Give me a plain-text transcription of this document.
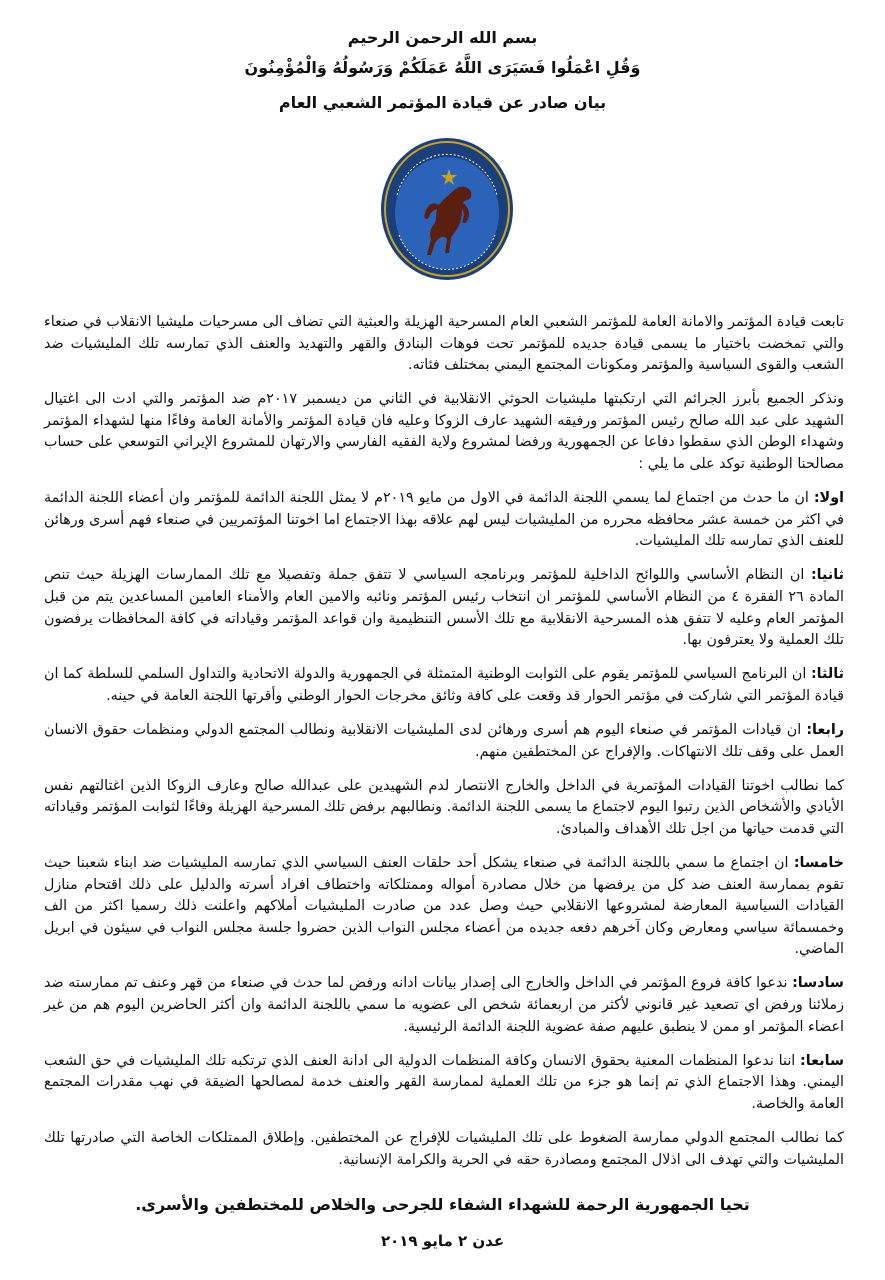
بسم الله الرحمن الرحيم
وَقُلِ اعْمَلُوا فَسَيَرَى اللَّهُ عَمَلَكُمْ وَرَسُولُهُ وَالْمُؤْمِنُونَ
بيان صادر عن قيادة المؤتمر الشعبي العام

تابعت قيادة المؤتمر والامانة العامة للمؤتمر الشعبي العام المسرحية الهزيلة والعبثية التي تضاف الى مسرحيات مليشيا الانقلاب في صنعاء والتي تمخضت باختيار ما يسمى قيادة جديده للمؤتمر تحت فوهات البنادق والقهر والتهديد والعنف الذي تمارسه تلك المليشيات ضد الشعب والقوى السياسية والمؤتمر ومكونات المجتمع اليمني بمختلف فئاته.

ونذكر الجميع بأبرز الجرائم التي ارتكبتها مليشيات الحوثي الانقلابية في الثاني من ديسمبر ٢٠١٧م ضد المؤتمر والتي ادت الى اغتيال الشهيد على عبد الله صالح رئيس المؤتمر ورفيقه الشهيد عارف الزوكا وعليه فان قيادة المؤتمر والأمانة العامة وفاءًا منها لشهداء المؤتمر وشهداء الوطن الذي سقطوا دفاعا عن الجمهورية ورفضا لمشروع ولاية الفقيه الفارسي والارتهان للمشروع الإيراني التوسعي على حساب مصالحنا الوطنية توكد على ما يلي :

اولا: ان ما حدث من اجتماع لما يسمي اللجنة الدائمة في الاول من مايو ٢٠١٩م لا يمثل اللجنة الدائمة للمؤتمر وان أعضاء اللجنة الدائمة في اكثر من خمسة عشر محافظه محرره من المليشيات ليس لهم علاقه بهذا الاجتماع اما اخوتنا المؤتمريين في صنعاء فهم أسرى ورهائن للعنف الذي تمارسه تلك المليشيات.

ثانيا: ان النظام الأساسي واللوائح الداخلية للمؤتمر وبرنامجه السياسي لا تتفق جملة وتفصيلا مع تلك الممارسات الهزيلة حيث تنص المادة ٢٦ الفقرة ٤ من النظام الأساسي للمؤتمر ان انتخاب رئيس المؤتمر ونائبه والامين العام والأمناء العامين المساعدين يتم من قبل المؤتمر العام وعليه لا تتفق هذه المسرحية الانقلابية مع تلك الأسس التنظيمية وان قواعد المؤتمر وقياداته في كافة المحافظات يرفضون تلك العملية ولا يعترفون بها.

ثالثا: ان البرنامج السياسي للمؤتمر يقوم على الثوابت الوطنية المتمثلة في الجمهورية والدولة الاتحادية والتداول السلمي للسلطة كما ان قيادة المؤتمر التي شاركت في مؤتمر الحوار قد وقعت على كافة وثائق مخرجات الحوار الوطني وأقرتها اللجنة العامة في حينه.

رابعا: ان قيادات المؤتمر في صنعاء اليوم هم أسرى ورهائن لدى المليشيات الانقلابية ونطالب المجتمع الدولي ومنظمات حقوق الانسان العمل على وقف تلك الانتهاكات. والإفراج عن المختطفين منهم.

كما نطالب اخوتنا القيادات المؤتمرية في الداخل والخارج الانتصار لدم الشهيدين على عبدالله صالح وعارف الزوكا الذين اغتالتهم نفس الأيادي والأشخاص الذين رتبوا اليوم لاجتماع ما يسمى اللجنة الدائمة. ونطالبهم برفض تلك المسرحية الهزيلة وفاءًا لثوابت المؤتمر وقياداته التي قدمت حياتها من اجل تلك الأهداف والمبادئ.

خامسا: ان اجتماع ما سمي باللجنة الدائمة في صنعاء يشكل أحد حلقات العنف السياسي الذي تمارسه المليشيات ضد ابناء شعبنا حيث تقوم بممارسة العنف ضد كل من يرفضها من خلال مصادرة أمواله وممتلكاته واختطاف افراد أسرته والدليل على ذلك اقتحام منازل القيادات السياسية المعارضة لمشروعها الانقلابي حيث وصل عدد من صادرت المليشيات أملاكهم واعلنت ذلك رسميا اكثر من الف وخمسمائة سياسي ومعارض وكان آخرهم دفعه جديده من أعضاء مجلس النواب الذين حضروا جلسة مجلس النواب في سيئون في ابريل الماضي.

سادسا: ندعوا كافة فروع المؤتمر في الداخل والخارج الى إصدار بيانات ادانه ورفض لما حدث في صنعاء من قهر وعنف تم ممارسته ضد زملائنا ورفض اي تصعيد غير قانوني لأكثر من اربعمائة شخص الى عضويه ما سمي باللجنة الدائمة وان أكثر الحاضرين اليوم هم من غير اعضاء المؤتمر او ممن لا ينطبق عليهم صفة عضوية اللجنة الدائمة الرئيسية.

سابعا: اننا ندعوا المنظمات المعنية بحقوق الانسان وكافة المنظمات الدولية الى ادانة العنف الذي ترتكبه تلك المليشيات في حق الشعب اليمني. وهذا الاجتماع الذي تم إنما هو جزء من تلك العملية لممارسة القهر والعنف خدمة لمصالحها الضيقة في نهب مقدرات المجتمع العامة والخاصة.

كما نطالب المجتمع الدولي ممارسة الضغوط على تلك المليشيات للإفراج عن المختطفين. وإطلاق الممتلكات الخاصة التي صادرتها تلك المليشيات والتي تهدف الى اذلال المجتمع ومصادرة حقه في الحرية والكرامة الإنسانية.

تحيا الجمهورية الرحمة للشهداء الشفاء للجرحى والخلاص للمختطفين والأسرى.
عدن ٢ مايو ٢٠١٩
